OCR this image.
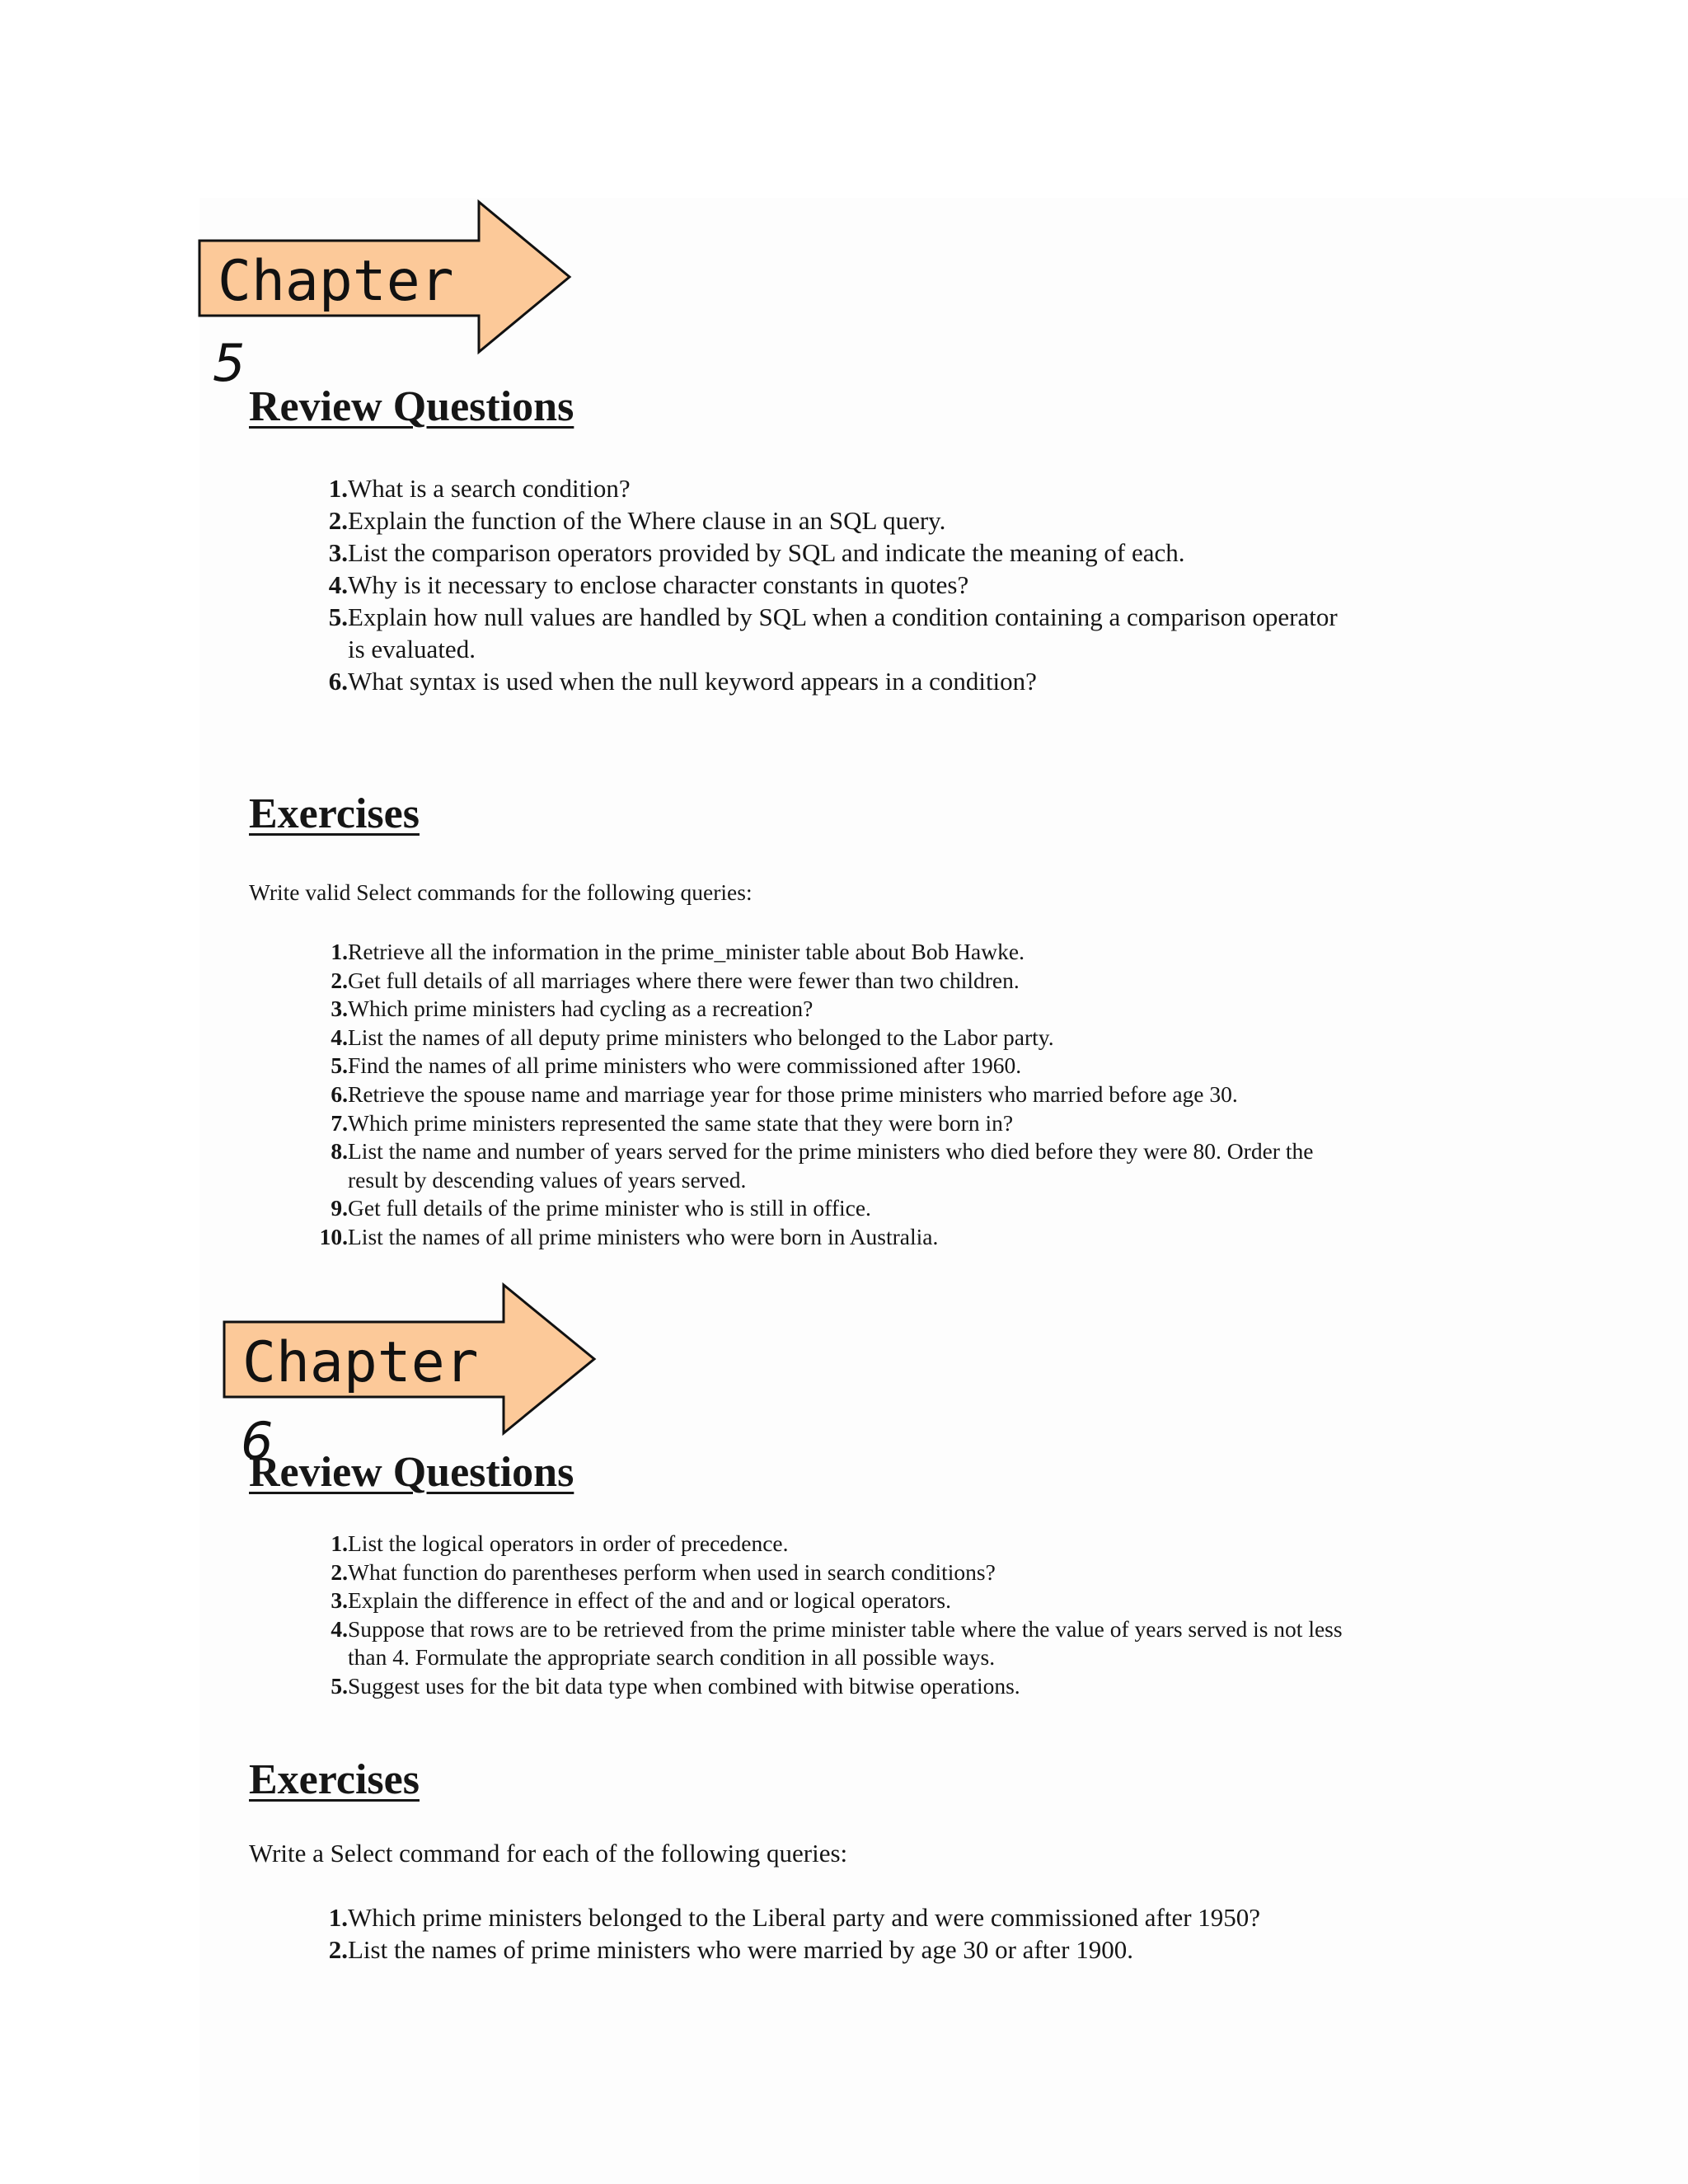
Chapter
5
Review Questions
1. What is a search condition?
2. Explain the function of the Where clause in an SQL query.
3. List the comparison operators provided by SQL and indicate the meaning of each.
4. Why is it necessary to enclose character constants in quotes?
5. Explain how null values are handled by SQL when a condition containing a comparison operator
is evaluated.
6. What syntax is used when the null keyword appears in a condition?
Exercises

Write valid Select commands for the following queries:

1. Retrieve all the information in the prime_minister table about Bob Hawke.
2. Get full details of all marriages where there were fewer than two children.
3. Which prime ministers had cycling as a recreation?
4. List the names of all deputy prime ministers who belonged to the Labor party.
5. Find the names of all prime ministers who were commissioned after 1960.
6. Retrieve the spouse name and marriage year for those prime ministers who married before age 30.
7. Which prime ministers represented the same state that they were born in?
8. List the name and number of years served for the prime ministers who died before they were 80. Order the
result by descending values of years served.
9. Get full details of the prime minister who is still in office.
10. List the names of all prime ministers who were born in Australia.
Chapter
6
Review Questions
1. List the logical operators in order of precedence.
2. What function do parentheses perform when used in search conditions?
3. Explain the difference in effect of the and and or logical operators.
4. Suppose that rows are to be retrieved from the prime minister table where the value of years served is not less
than 4. Formulate the appropriate search condition in all possible ways.
5. Suggest uses for the bit data type when combined with bitwise operations.
Exercises

Write a Select command for each of the following queries:

1. Which prime ministers belonged to the Liberal party and were commissioned after 1950?
2. List the names of prime ministers who were married by age 30 or after 1900.
